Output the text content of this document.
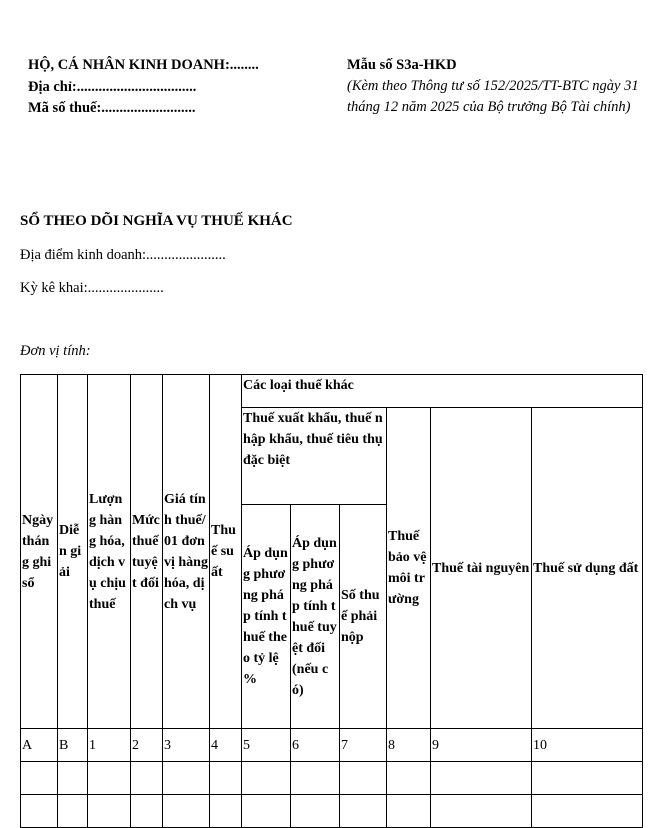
HỘ, CÁ NHÂN KINH DOANH:........
Địa chỉ:.................................
Mã số thuế:..........................
Mẫu số S3a-HKD
(Kèm theo Thông tư số 152/2025/TT-BTC ngày 31 tháng 12 năm 2025 của Bộ trưởng Bộ Tài chính)
SỔ THEO DÕI NGHĨA VỤ THUẾ KHÁC
Địa điểm kinh doanh:......................
Kỳ kê khai:.....................
Đơn vị tính:
Ngày tháng ghi sổ	Diễn giải	Lượng hàng hóa, dịch vụ chịu thuế	Mức thuế tuyệt đối	Giá tính thuế/01 đơn vị hàng hóa, dịch vụ	Thuế suất	Các loại thuế khác					
						Thuế xuất khẩu, thuế nhập khẩu, thuế tiêu thụ đặc biệt			Thuế bảo vệ môi trường	Thuế tài nguyên	Thuế sử dụng đất
						Áp dụng phương pháp tính thuế theo tỷ lệ %	Áp dụng phương pháp tính thuế tuyệt đối (nếu có)	Số thuế phải nộp			
A	B	1	2	3	4	5	6	7	8	9	10
